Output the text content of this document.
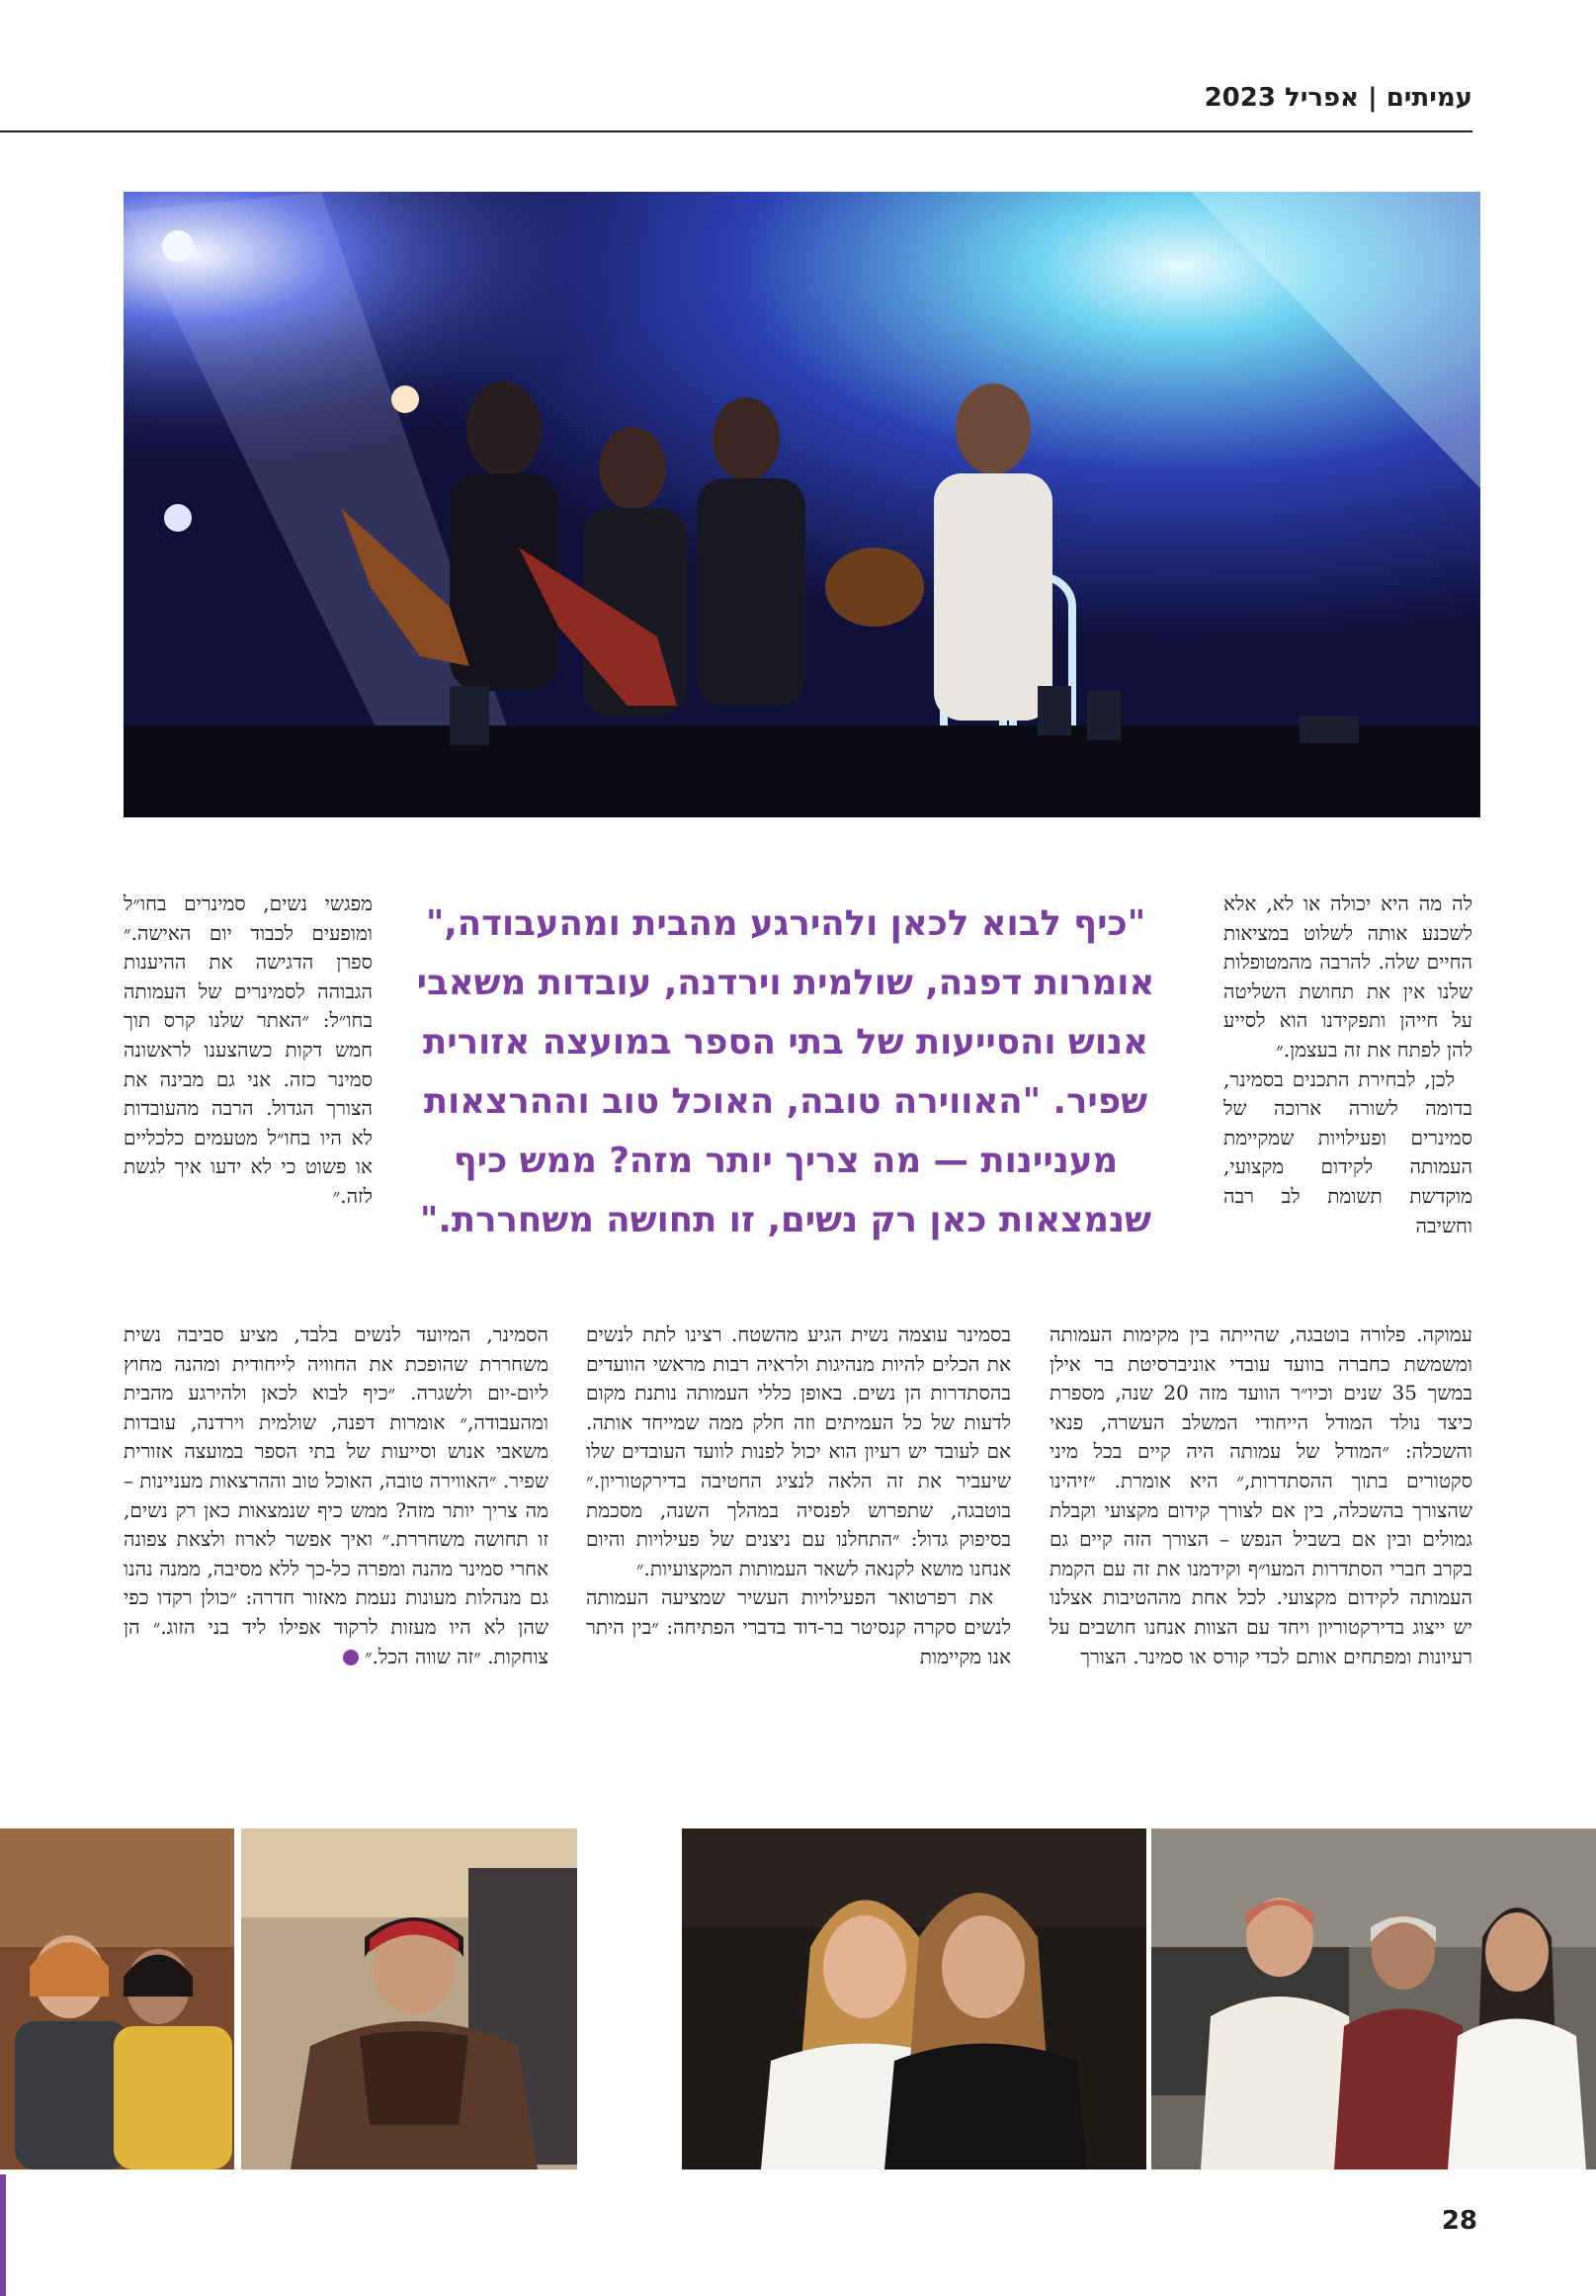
עמיתים | אפריל 2023
"כיף לבוא לכאן ולהירגע מהבית ומהעבודה," אומרות דפנה, שולמית וירדנה, עובדות משאבי אנוש והסייעות של בתי הספר במועצה אזורית שפיר. "האווירה טובה, האוכל טוב וההרצאות מעניינות — מה צריך יותר מזה? ממש כיף שנמצאות כאן רק נשים, זו תחושה משחררת."

לה מה היא יכולה או לא, אלא לשכנע אותה לשלוט במציאות החיים שלה. להרבה מהמטופלות שלנו אין את תחושת השליטה על חייהן ותפקידנו הוא לסייע להן לפתח את זה בעצמן.״

לכן, לבחירת התכנים בסמינר, בדומה לשורה ארוכה של סמינרים ופעילויות שמקיימת העמותה לקידום מקצועי, מוקדשת תשומת לב רבה וחשיבה

מפגשי נשים, סמינרים בחו״ל ומופעים לכבוד יום האישה.״ ספרן הדגישה את ההיענות הגבוהה לסמינרים של העמותה בחו״ל: ״האתר שלנו קרס תוך חמש דקות כשהצענו לראשונה סמינר כזה. אני גם מבינה את הצורך הגדול. הרבה מהעובדות לא היו בחו״ל מטעמים כלכליים או פשוט כי לא ידעו איך לגשת לזה.״

עמוקה. פלורה בוטבגה, שהייתה בין מקימות העמותה ומשמשת כחברה בוועד עובדי אוניברסיטת בר אילן במשך 35 שנים וכיו״ר הוועד מזה 20 שנה, מספרת כיצד נולד המודל הייחודי המשלב העשרה, פנאי והשכלה: ״המודל של עמותה היה קיים בכל מיני סקטורים בתוך ההסתדרות,״ היא אומרת. ״זיהינו שהצורך בהשכלה, בין אם לצורך קידום מקצועי וקבלת גמולים ובין אם בשביל הנפש – הצורך הזה קיים גם בקרב חברי הסתדרות המעו״ף וקידמנו את זה עם הקמת העמותה לקידום מקצועי. לכל אחת מההטיבות אצלנו יש ייצוג בדירקטוריון ויחד עם הצוות אנחנו חושבים על רעיונות ומפתחים אותם לכדי קורס או סמינר. הצורך

בסמינר עוצמה נשית הגיע מהשטח. רצינו לתת לנשים את הכלים להיות מנהיגות ולראיה רבות מראשי הוועדים בהסתדרות הן נשים. באופן כללי העמותה נותנת מקום לדעות של כל העמיתים וזה חלק ממה שמייחד אותה. אם לעובד יש רעיון הוא יכול לפנות לוועד העובדים שלו שיעביר את זה הלאה לנציג החטיבה בדירקטוריון.״ בוטבגה, שתפרוש לפנסיה במהלך השנה, מסכמת בסיפוק גדול: ״התחלנו עם ניצנים של פעילויות והיום אנחנו מושא לקנאה לשאר העמותות המקצועיות.״

את רפרטואר הפעילויות העשיר שמציעה העמותה לנשים סקרה קנסיטר בר-דוד בדברי הפתיחה: ״בין היתר אנו מקיימות

הסמינר, המיועד לנשים בלבד, מציע סביבה נשית משחררת שהופכת את החוויה לייחודית ומהנה מחוץ ליום-יום ולשגרה. ״כיף לבוא לכאן ולהירגע מהבית ומהעבודה,״ אומרות דפנה, שולמית וירדנה, עובדות משאבי אנוש וסייעות של בתי הספר במועצה אזורית שפיר. ״האווירה טובה, האוכל טוב וההרצאות מעניינות – מה צריך יותר מזה? ממש כיף שנמצאות כאן רק נשים, זו תחושה משחררת.״ ואיך אפשר לארוז ולצאת צפונה אחרי סמינר מהנה ומפרה כל-כך ללא מסיבה, ממנה נהנו גם מנהלות מעונות נעמת מאזור חדרה: ״כולן רקדו כפי שהן לא היו מעזות לרקוד אפילו ליד בני הזוג.״ הן צוחקות. ״זה שווה הכל.״

28
